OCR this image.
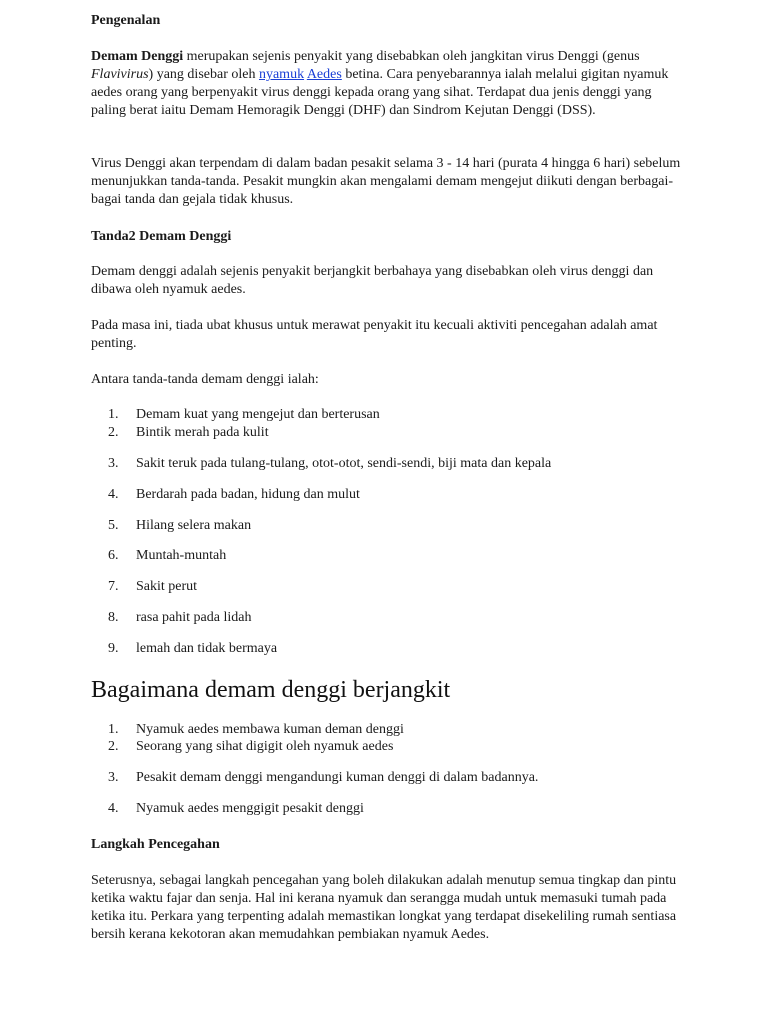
Pengenalan

Demam Denggi merupakan sejenis penyakit yang disebabkan oleh jangkitan virus Denggi (genus Flavivirus) yang disebar oleh nyamuk Aedes betina. Cara penyebarannya ialah melalui gigitan nyamuk aedes orang yang berpenyakit virus denggi kepada orang yang sihat. Terdapat dua jenis denggi yang paling berat iaitu Demam Hemoragik Denggi (DHF) dan Sindrom Kejutan Denggi (DSS).

Virus Denggi akan terpendam di dalam badan pesakit selama 3 - 14 hari (purata 4 hingga 6 hari) sebelum menunjukkan tanda-tanda. Pesakit mungkin akan mengalami demam mengejut diikuti dengan berbagai-bagai tanda dan gejala tidak khusus.

Tanda2 Demam Denggi

Demam denggi adalah sejenis penyakit berjangkit berbahaya yang disebabkan oleh virus denggi dan dibawa oleh nyamuk aedes.

Pada masa ini, tiada ubat khusus untuk merawat penyakit itu kecuali aktiviti pencegahan adalah amat penting.

Antara tanda-tanda demam denggi ialah:

1. Demam kuat yang mengejut dan berterusan
2. Bintik merah pada kulit
3. Sakit teruk pada tulang-tulang, otot-otot, sendi-sendi, biji mata dan kepala
4. Berdarah pada badan, hidung dan mulut
5. Hilang selera makan
6. Muntah-muntah
7. Sakit perut
8. rasa pahit pada lidah
9. lemah dan tidak bermaya
Bagaimana demam denggi berjangkit
1. Nyamuk aedes membawa kuman deman denggi
2. Seorang yang sihat digigit oleh nyamuk aedes
3. Pesakit demam denggi mengandungi kuman denggi di dalam badannya.
4. Nyamuk aedes menggigit pesakit denggi
Langkah Pencegahan

Seterusnya, sebagai langkah pencegahan yang boleh dilakukan adalah menutup semua tingkap dan pintu ketika waktu fajar dan senja. Hal ini kerana nyamuk dan serangga mudah untuk memasuki tumah pada ketika itu. Perkara yang terpenting adalah memastikan longkat yang terdapat disekeliling rumah sentiasa bersih kerana kekotoran akan memudahkan pembiakan nyamuk Aedes.
